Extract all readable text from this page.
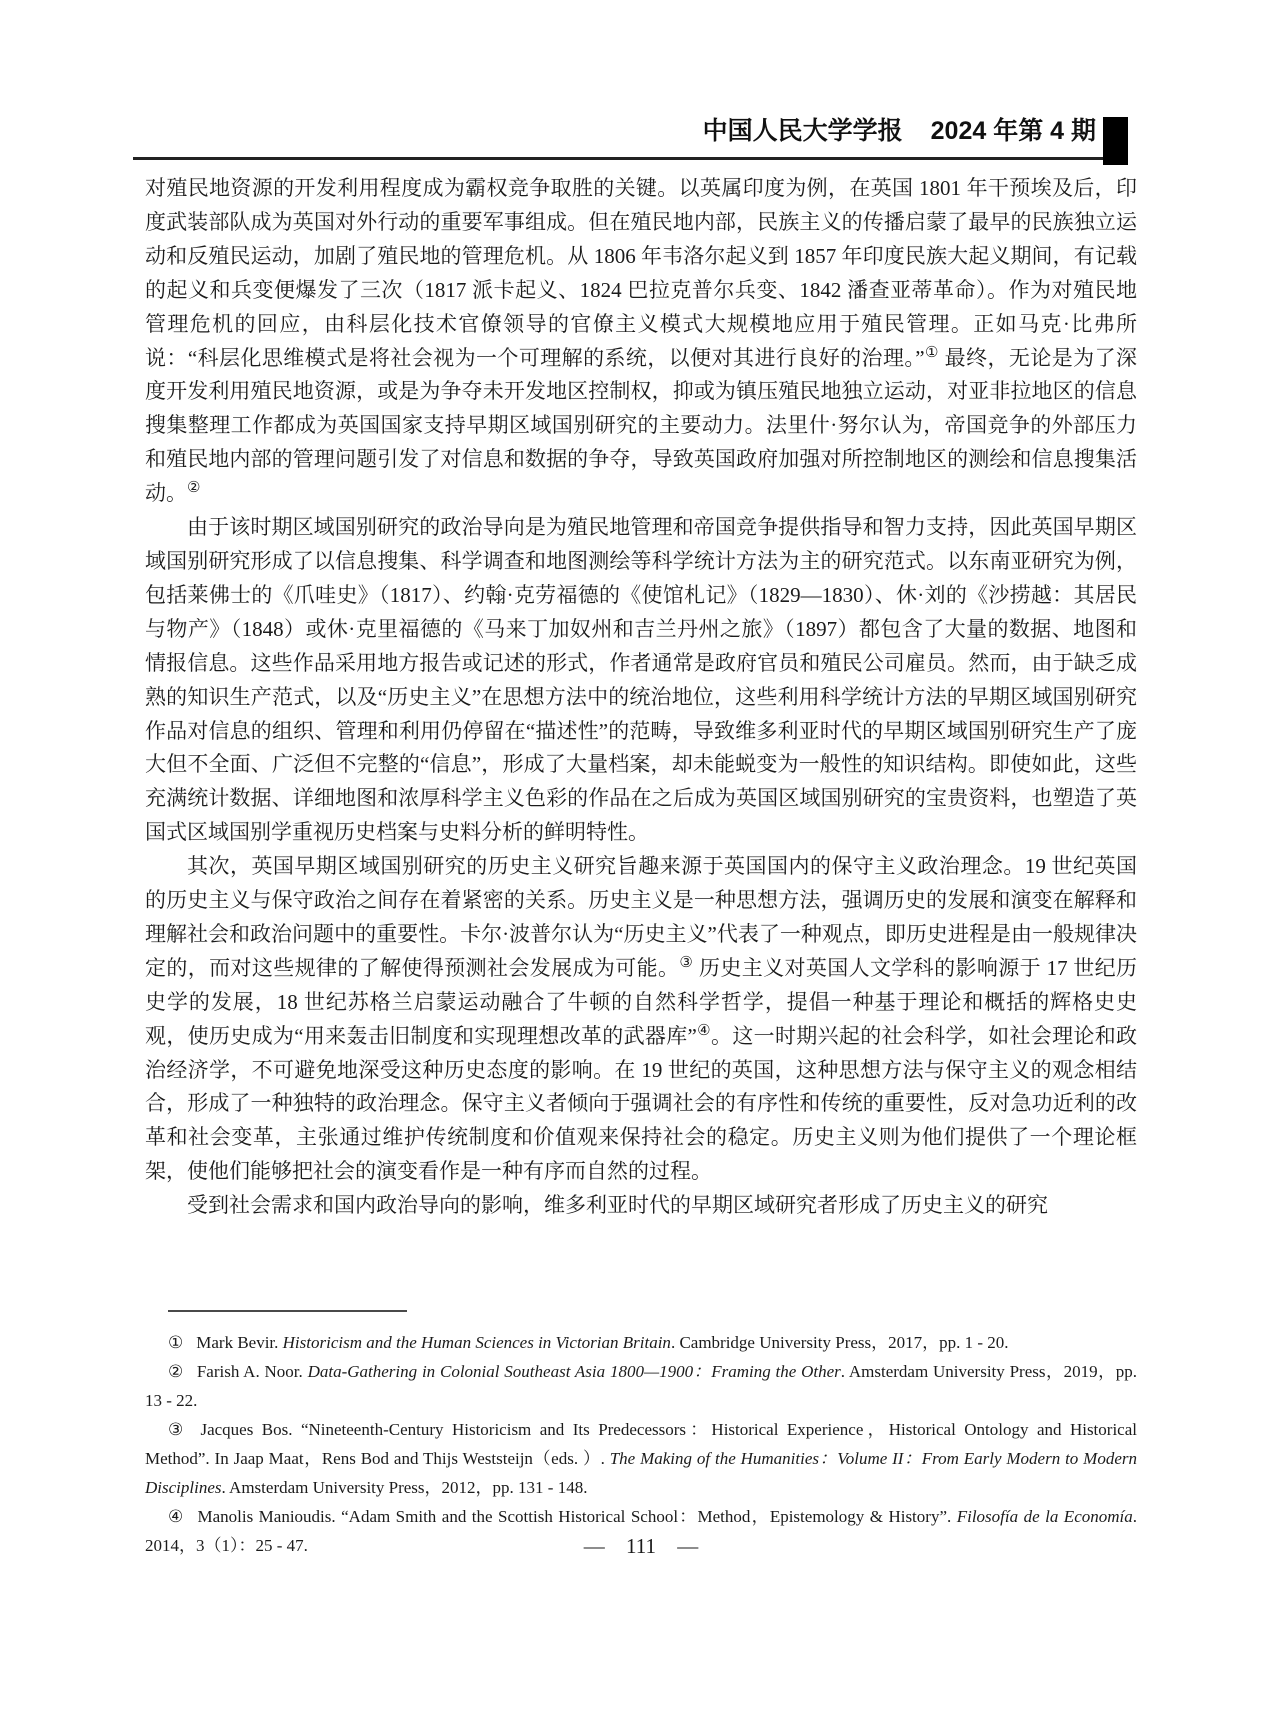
中国人民大学学报 2024 年第 4 期

对殖民地资源的开发利用程度成为霸权竞争取胜的关键。以英属印度为例，在英国 1801 年干预埃及后，印度武装部队成为英国对外行动的重要军事组成。但在殖民地内部，民族主义的传播启蒙了最早的民族独立运动和反殖民运动，加剧了殖民地的管理危机。从 1806 年韦洛尔起义到 1857 年印度民族大起义期间，有记载的起义和兵变便爆发了三次（1817 派卡起义、1824 巴拉克普尔兵变、1842 潘查亚蒂革命）。作为对殖民地管理危机的回应，由科层化技术官僚领导的官僚主义模式大规模地应用于殖民管理。正如马克·比弗所说：“科层化思维模式是将社会视为一个可理解的系统，以便对其进行良好的治理。”① 最终，无论是为了深度开发利用殖民地资源，或是为争夺未开发地区控制权，抑或为镇压殖民地独立运动，对亚非拉地区的信息搜集整理工作都成为英国国家支持早期区域国别研究的主要动力。法里什·努尔认为，帝国竞争的外部压力和殖民地内部的管理问题引发了对信息和数据的争夺，导致英国政府加强对所控制地区的测绘和信息搜集活动。②

由于该时期区域国别研究的政治导向是为殖民地管理和帝国竞争提供指导和智力支持，因此英国早期区域国别研究形成了以信息搜集、科学调查和地图测绘等科学统计方法为主的研究范式。以东南亚研究为例，包括莱佛士的《爪哇史》（1817）、约翰·克劳福德的《使馆札记》（1829—1830）、休·刘的《沙捞越：其居民与物产》（1848）或休·克里福德的《马来丁加奴州和吉兰丹州之旅》（1897）都包含了大量的数据、地图和情报信息。这些作品采用地方报告或记述的形式，作者通常是政府官员和殖民公司雇员。然而，由于缺乏成熟的知识生产范式，以及“历史主义”在思想方法中的统治地位，这些利用科学统计方法的早期区域国别研究作品对信息的组织、管理和利用仍停留在“描述性”的范畴，导致维多利亚时代的早期区域国别研究生产了庞大但不全面、广泛但不完整的“信息”，形成了大量档案，却未能蜕变为一般性的知识结构。即使如此，这些充满统计数据、详细地图和浓厚科学主义色彩的作品在之后成为英国区域国别研究的宝贵资料，也塑造了英国式区域国别学重视历史档案与史料分析的鲜明特性。

其次，英国早期区域国别研究的历史主义研究旨趣来源于英国国内的保守主义政治理念。19 世纪英国的历史主义与保守政治之间存在着紧密的关系。历史主义是一种思想方法，强调历史的发展和演变在解释和理解社会和政治问题中的重要性。卡尔·波普尔认为“历史主义”代表了一种观点，即历史进程是由一般规律决定的，而对这些规律的了解使得预测社会发展成为可能。③ 历史主义对英国人文学科的影响源于 17 世纪历史学的发展，18 世纪苏格兰启蒙运动融合了牛顿的自然科学哲学，提倡一种基于理论和概括的辉格史史观，使历史成为“用来轰击旧制度和实现理想改革的武器库”④。这一时期兴起的社会科学，如社会理论和政治经济学，不可避免地深受这种历史态度的影响。在 19 世纪的英国，这种思想方法与保守主义的观念相结合，形成了一种独特的政治理念。保守主义者倾向于强调社会的有序性和传统的重要性，反对急功近利的改革和社会变革，主张通过维护传统制度和价值观来保持社会的稳定。历史主义则为他们提供了一个理论框架，使他们能够把社会的演变看作是一种有序而自然的过程。

受到社会需求和国内政治导向的影响，维多利亚时代的早期区域研究者形成了历史主义的研究

① Mark Bevir. Historicism and the Human Sciences in Victorian Britain. Cambridge University Press，2017，pp. 1 - 20.

② Farish A. Noor. Data-Gathering in Colonial Southeast Asia 1800—1900：Framing the Other. Amsterdam University Press，2019，pp. 13 - 22.

③ Jacques Bos. “Nineteenth-Century Historicism and Its Predecessors：Historical Experience，Historical Ontology and Historical Method”. In Jaap Maat，Rens Bod and Thijs Weststeijn（eds. ）. The Making of the Humanities：Volume II：From Early Modern to Modern Disciplines. Amsterdam University Press，2012，pp. 131 - 148.

④ Manolis Manioudis. “Adam Smith and the Scottish Historical School：Method，Epistemology & History”. Filosofía de la Economía. 2014，3（1）：25 - 47.	— 111 —
